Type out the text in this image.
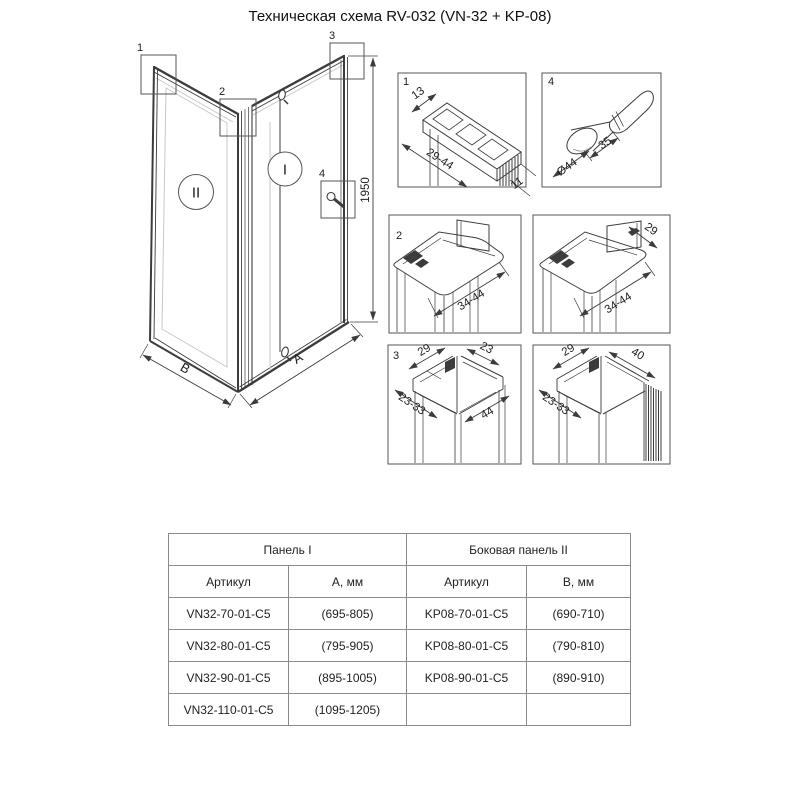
Техническая схема RV-032 (VN-32 + KP-08)
1950
B
A
II
I
1
2
3
4
1	4
2
3
13
29-44
11
35
Ø44
34-44
29
34-44
29	23
23-33	44
29	40
23-33
Панель I		Боковая панель II	
Артикул	А, мм	Артикул	B, мм
VN32-70-01-C5	(695-805)	KP08-70-01-C5	(690-710)
VN32-80-01-C5	(795-905)	KP08-80-01-C5	(790-810)
VN32-90-01-C5	(895-1005)	KP08-90-01-C5	(890-910)
VN32-110-01-C5	(1095-1205)		
